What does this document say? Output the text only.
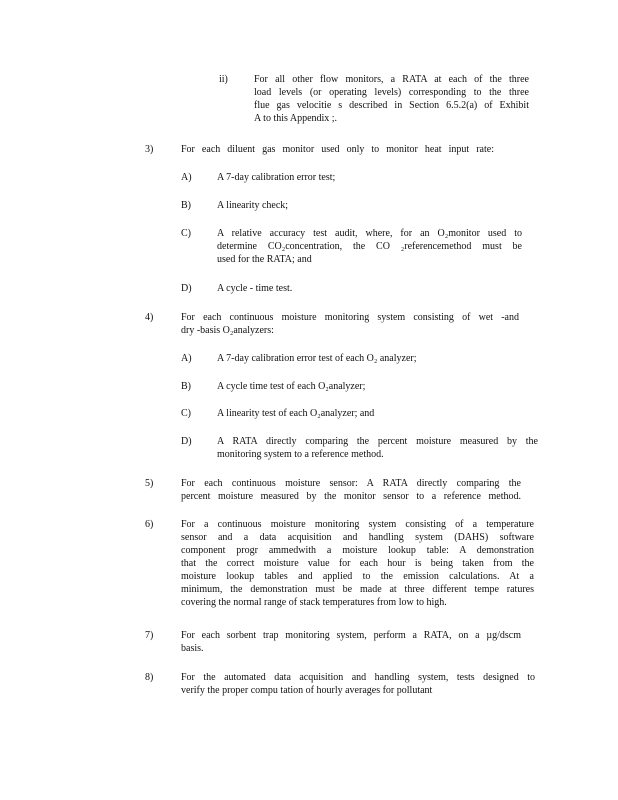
ii)	For all other flow monitors, a RATA at each of the three
load levels (or operating levels) corresponding to the three
flue gas velocitie s described in Section 6.5.2(a) of Exhibit
A to this Appendix ;.
3)	For each diluent gas monitor used only to monitor heat input rate:
A)	A 7-day calibration error test;
B)	A linearity check;
C)	A relative accuracy test audit, where, for an O₂monitor used to
determine CO₂concentration, the CO ₂referencemethod must be
used for the RATA; and
D)	A cycle - time test.
4)	For each continuous moisture monitoring system consisting of wet -and
dry -basis O₂analyzers:
A)	A 7-day calibration error test of each O₂ analyzer;
B)	A cycle time test of each O₂analyzer;
C)	A linearity test of each O₂analyzer; and
D)	A RATA directly comparing the percent moisture measured by the
monitoring system to a reference method.
5)	For each continuous moisture sensor: A RATA directly comparing the
percent moisture measured by the monitor sensor to a reference method.
6)	For a continuous moisture monitoring system consisting of a temperature
sensor and a data acquisition and handling system (DAHS) software
component progr ammedwith a moisture lookup table: A demonstration
that the correct moisture value for each hour is being taken from the
moisture lookup tables and applied to the emission calculations. At a
minimum, the demonstration must be made at three different tempe ratures
covering the normal range of stack temperatures from low to high.
7)	For each sorbent trap monitoring system, perform a RATA, on a µg/dscm
basis.
8)	For the automated data acquisition and handling system, tests designed to
verify the proper compu tation of hourly averages for pollutant
